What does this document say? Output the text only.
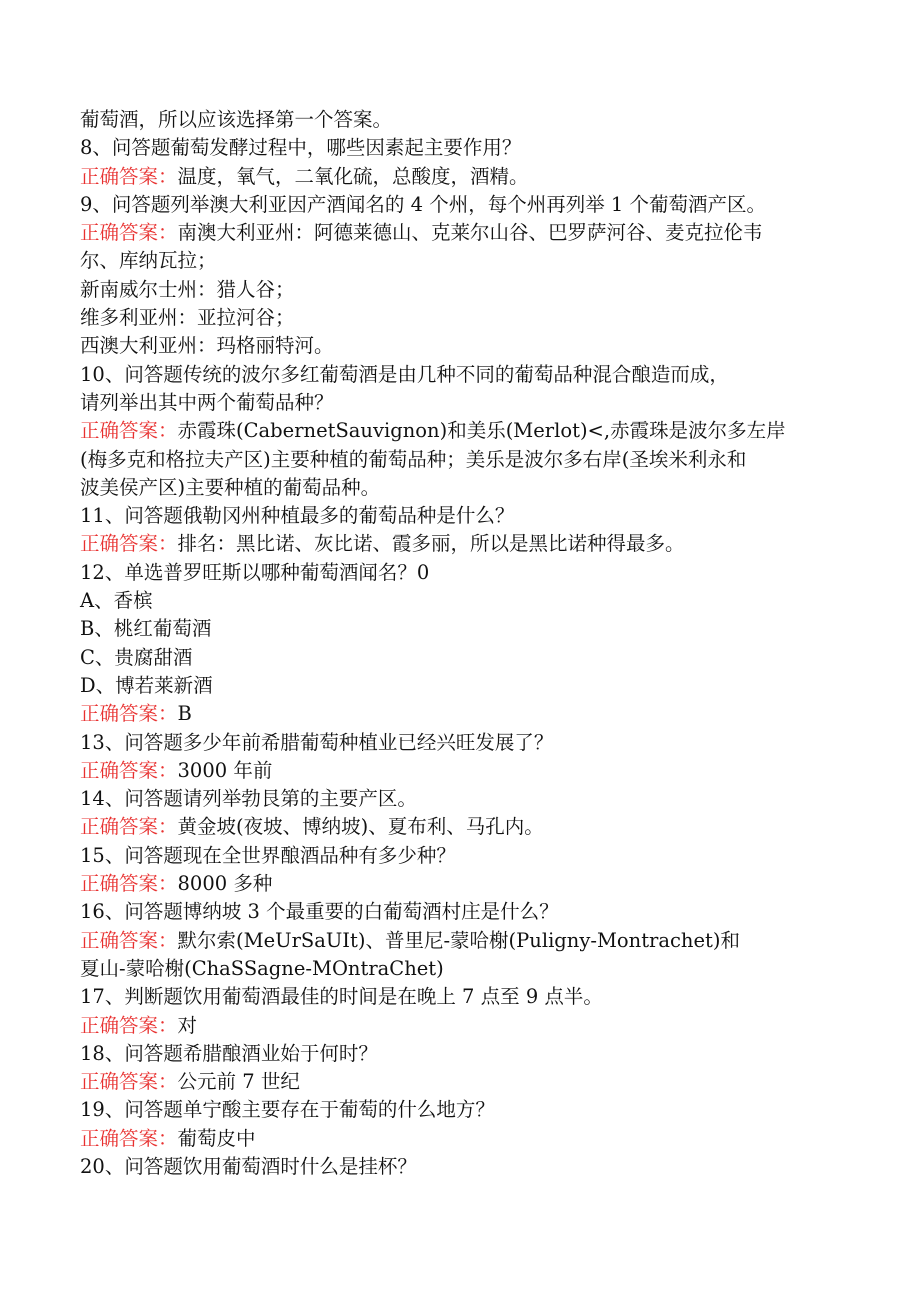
葡萄酒，所以应该选择第一个答案。
8、问答题葡萄发酵过程中，哪些因素起主要作用？
正确答案：温度，氧气，二氧化硫，总酸度，酒精。
9、问答题列举澳大利亚因产酒闻名的 4 个州，每个州再列举 1 个葡萄酒产区。
正确答案：南澳大利亚州：阿德莱德山、克莱尔山谷、巴罗萨河谷、麦克拉伦韦
尔、库纳瓦拉；
新南威尔士州：猎人谷；
维多利亚州：亚拉河谷；
西澳大利亚州：玛格丽特河。
10、问答题传统的波尔多红葡萄酒是由几种不同的葡萄品种混合酿造而成，
请列举出其中两个葡萄品种？
正确答案：赤霞珠(CabernetSauvignon)和美乐(Merlot)<,赤霞珠是波尔多左岸
(梅多克和格拉夫产区)主要种植的葡萄品种；美乐是波尔多右岸(圣埃米利永和
波美侯产区)主要种植的葡萄品种。
11、问答题俄勒冈州种植最多的葡萄品种是什么？
正确答案：排名：黑比诺、灰比诺、霞多丽，所以是黑比诺种得最多。
12、单选普罗旺斯以哪种葡萄酒闻名？0
A、香槟
B、桃红葡萄酒
C、贵腐甜酒
D、博若莱新酒
正确答案：B
13、问答题多少年前希腊葡萄种植业已经兴旺发展了？
正确答案：3000 年前
14、问答题请列举勃艮第的主要产区。
正确答案：黄金坡(夜坡、博纳坡)、夏布利、马孔内。
15、问答题现在全世界酿酒品种有多少种？
正确答案：8000 多种
16、问答题博纳坡 3 个最重要的白葡萄酒村庄是什么？
正确答案：默尔索(MeUrSaUIt)、普里尼-蒙哈榭(Puligny-Montrachet)和
夏山-蒙哈榭(ChaSSagne-MOntraChet)
17、判断题饮用葡萄酒最佳的时间是在晚上 7 点至 9 点半。
正确答案：对
18、问答题希腊酿酒业始于何时？
正确答案：公元前 7 世纪
19、问答题单宁酸主要存在于葡萄的什么地方？
正确答案：葡萄皮中
20、问答题饮用葡萄酒时什么是挂杯？
